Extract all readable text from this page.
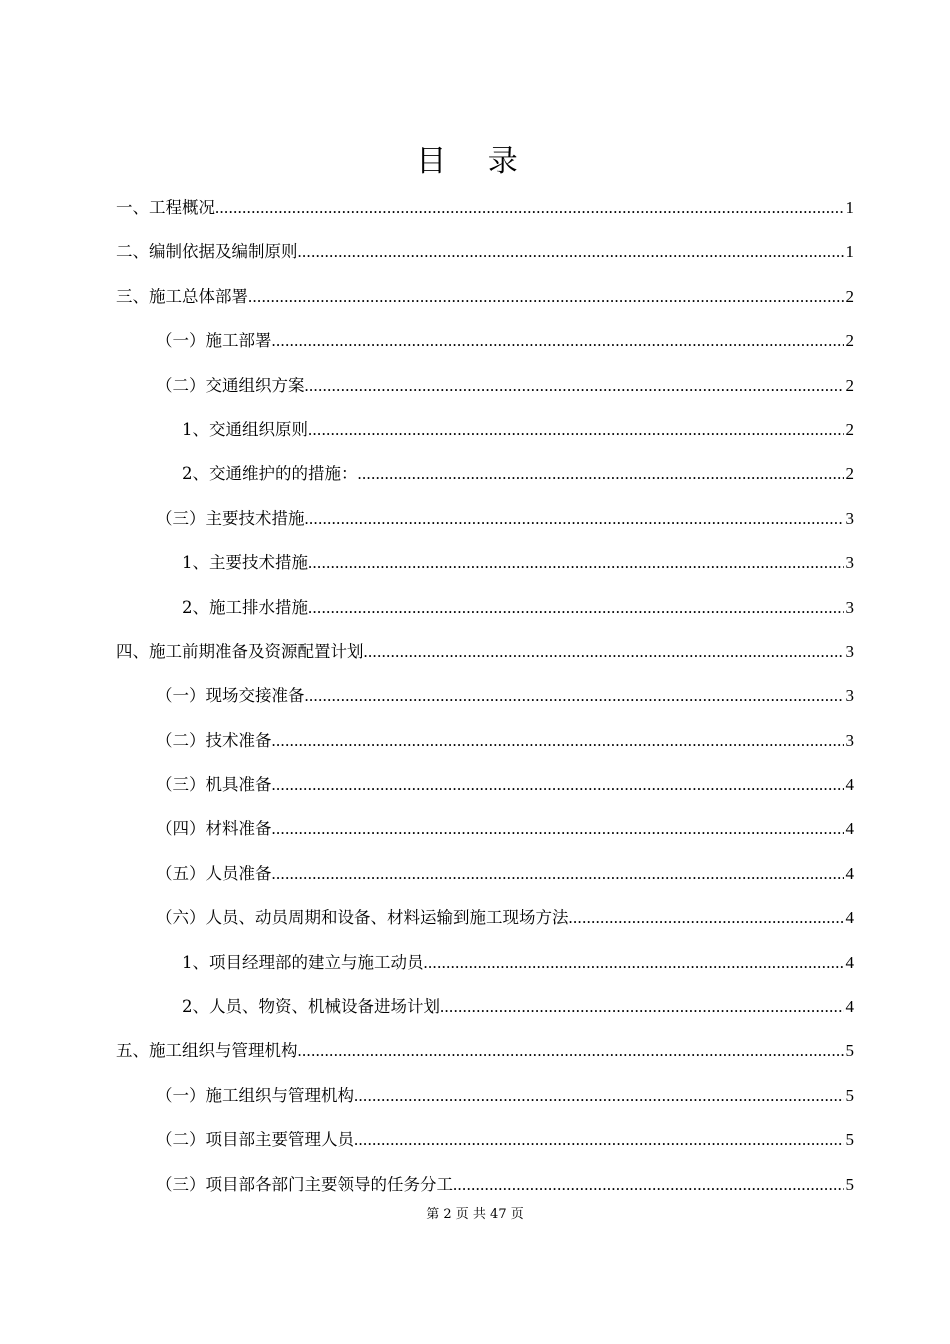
目 录
一、工程概况 .....	1
二、编制依据及编制原则 .....	1
三、施工总体部署 .....	2
（一）施工部署 .....	2
（二）交通组织方案 .....	2
1、交通组织原则 .....	2
2、交通维护的的措施： .....	2
（三）主要技术措施 .....	3
1、主要技术措施 .....	3
2、施工排水措施 .....	3
四、施工前期准备及资源配置计划 .....	3
（一）现场交接准备 .....	3
（二）技术准备 .....	3
（三）机具准备 .....	4
（四）材料准备 .....	4
（五）人员准备 .....	4
（六）人员、动员周期和设备、材料运输到施工现场方法 .....	4
1、项目经理部的建立与施工动员 .....	4
2、人员、物资、机械设备进场计划 .....	4
五、施工组织与管理机构 .....	5
（一）施工组织与管理机构 .....	5
（二）项目部主要管理人员 .....	5
（三）项目部各部门主要领导的任务分工 .....	5
第 2 页 共 47 页
